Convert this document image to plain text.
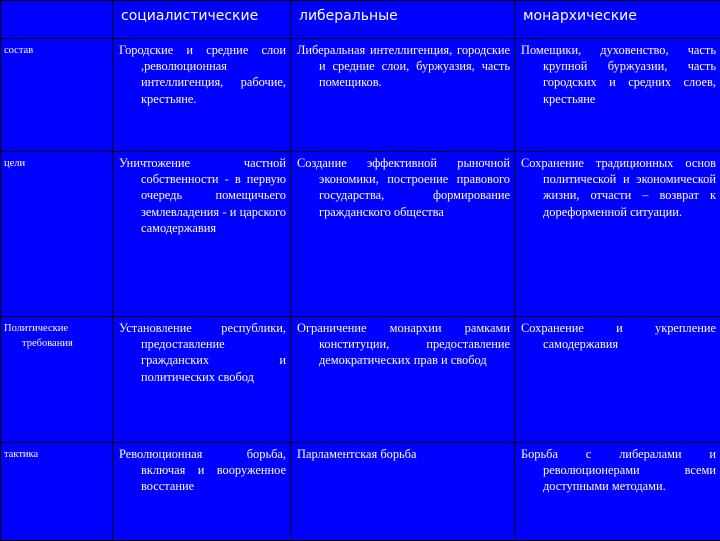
	социалистические	либеральные	монархические
состав	Городские и средние слои ,революционная интеллигенция, рабочие, крестьяне.	Либеральная интеллигенция, городские и средние слои, буржуазия, часть помещиков.	Помещики, духовенство, часть крупной буржуазии, часть городских и средних слоев, крестьяне

цели	Уничтожение частной собственности - в первую очередь помещичьего землевладения - и царского самодержавия	Создание эффективной рыночной экономики, построение правового государства, формирование гражданского общества	Сохранение традиционных основ политической и экономической жизни, отчасти – возврат к дореформенной ситуации.

Политические
требования	Установление республики, предоставление гражданских и политических свобод	Ограничение монархии рамками конституции, предоставление демократических прав и свобод	Сохранение и укрепление самодержавия

тактика	Революционная борьба, включая и вооруженное восстание	Парламентская борьба	Борьба с либералами и революционерами всеми доступными методами.
